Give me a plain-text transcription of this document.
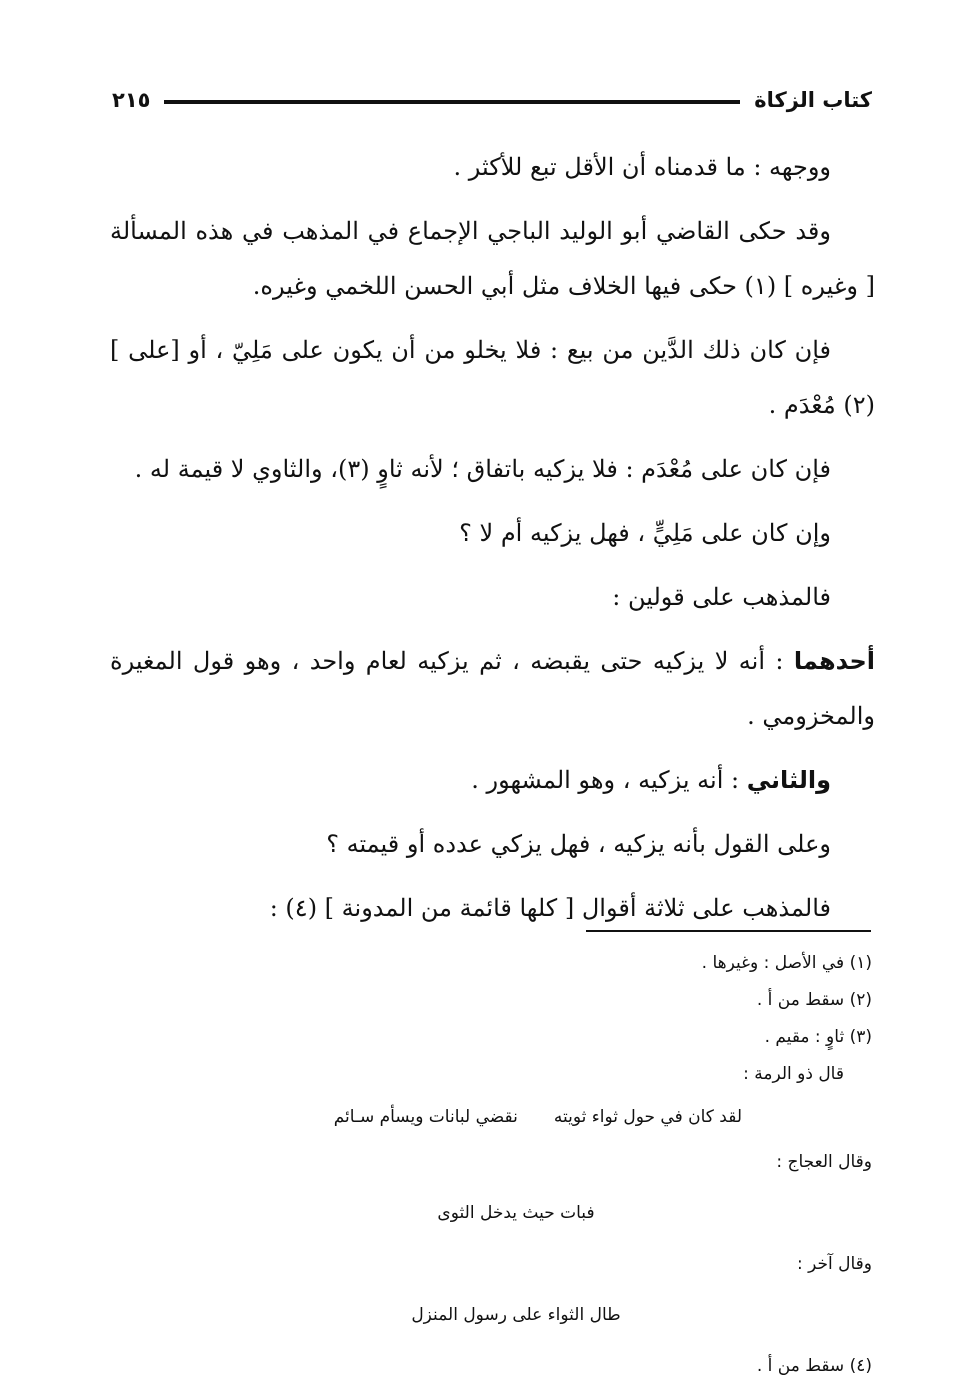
كتاب الزكاة
٢١٥

ووجهه : ما قدمناه أن الأقل تبع للأكثر .

وقد حكى القاضي أبو الوليد الباجي الإجماع في المذهب في هذه المسألة [ وغيره ] (١) حكى فيها الخلاف مثل أبي الحسن اللخمي وغيره.

فإن كان ذلك الدَّين من بيع : فلا يخلو من أن يكون على مَلِيّ ، أو [على ] (٢) مُعْدَم .

فإن كان على مُعْدَم : فلا يزكيه باتفاق ؛ لأنه ثاوٍ (٣)، والثاوي لا قيمة له .

وإن كان على مَلِيٍّ ، فهل يزكيه أم لا ؟

فالمذهب على قولين :

أحدهما : أنه لا يزكيه حتى يقبضه ، ثم يزكيه لعام واحد ، وهو قول المغيرة والمخزومي .

والثاني : أنه يزكيه ، وهو المشهور .

وعلى القول بأنه يزكيه ، فهل يزكي عدده أو قيمته ؟

فالمذهب على ثلاثة أقوال [ كلها قائمة من المدونة ] (٤) :

(١) في الأصل : وغيرها .

(٢) سقط من أ .

(٣) ثاوٍ : مقيم .

قال ذو الرمة :

لقد كان في حول ثواء ثويته
نقضي لبانات ويسأم سـائم

وقال العجاج :

فبات حيث يدخل الثوى

وقال آخر :

طال الثواء على رسول المنزل

(٤) سقط من أ .
